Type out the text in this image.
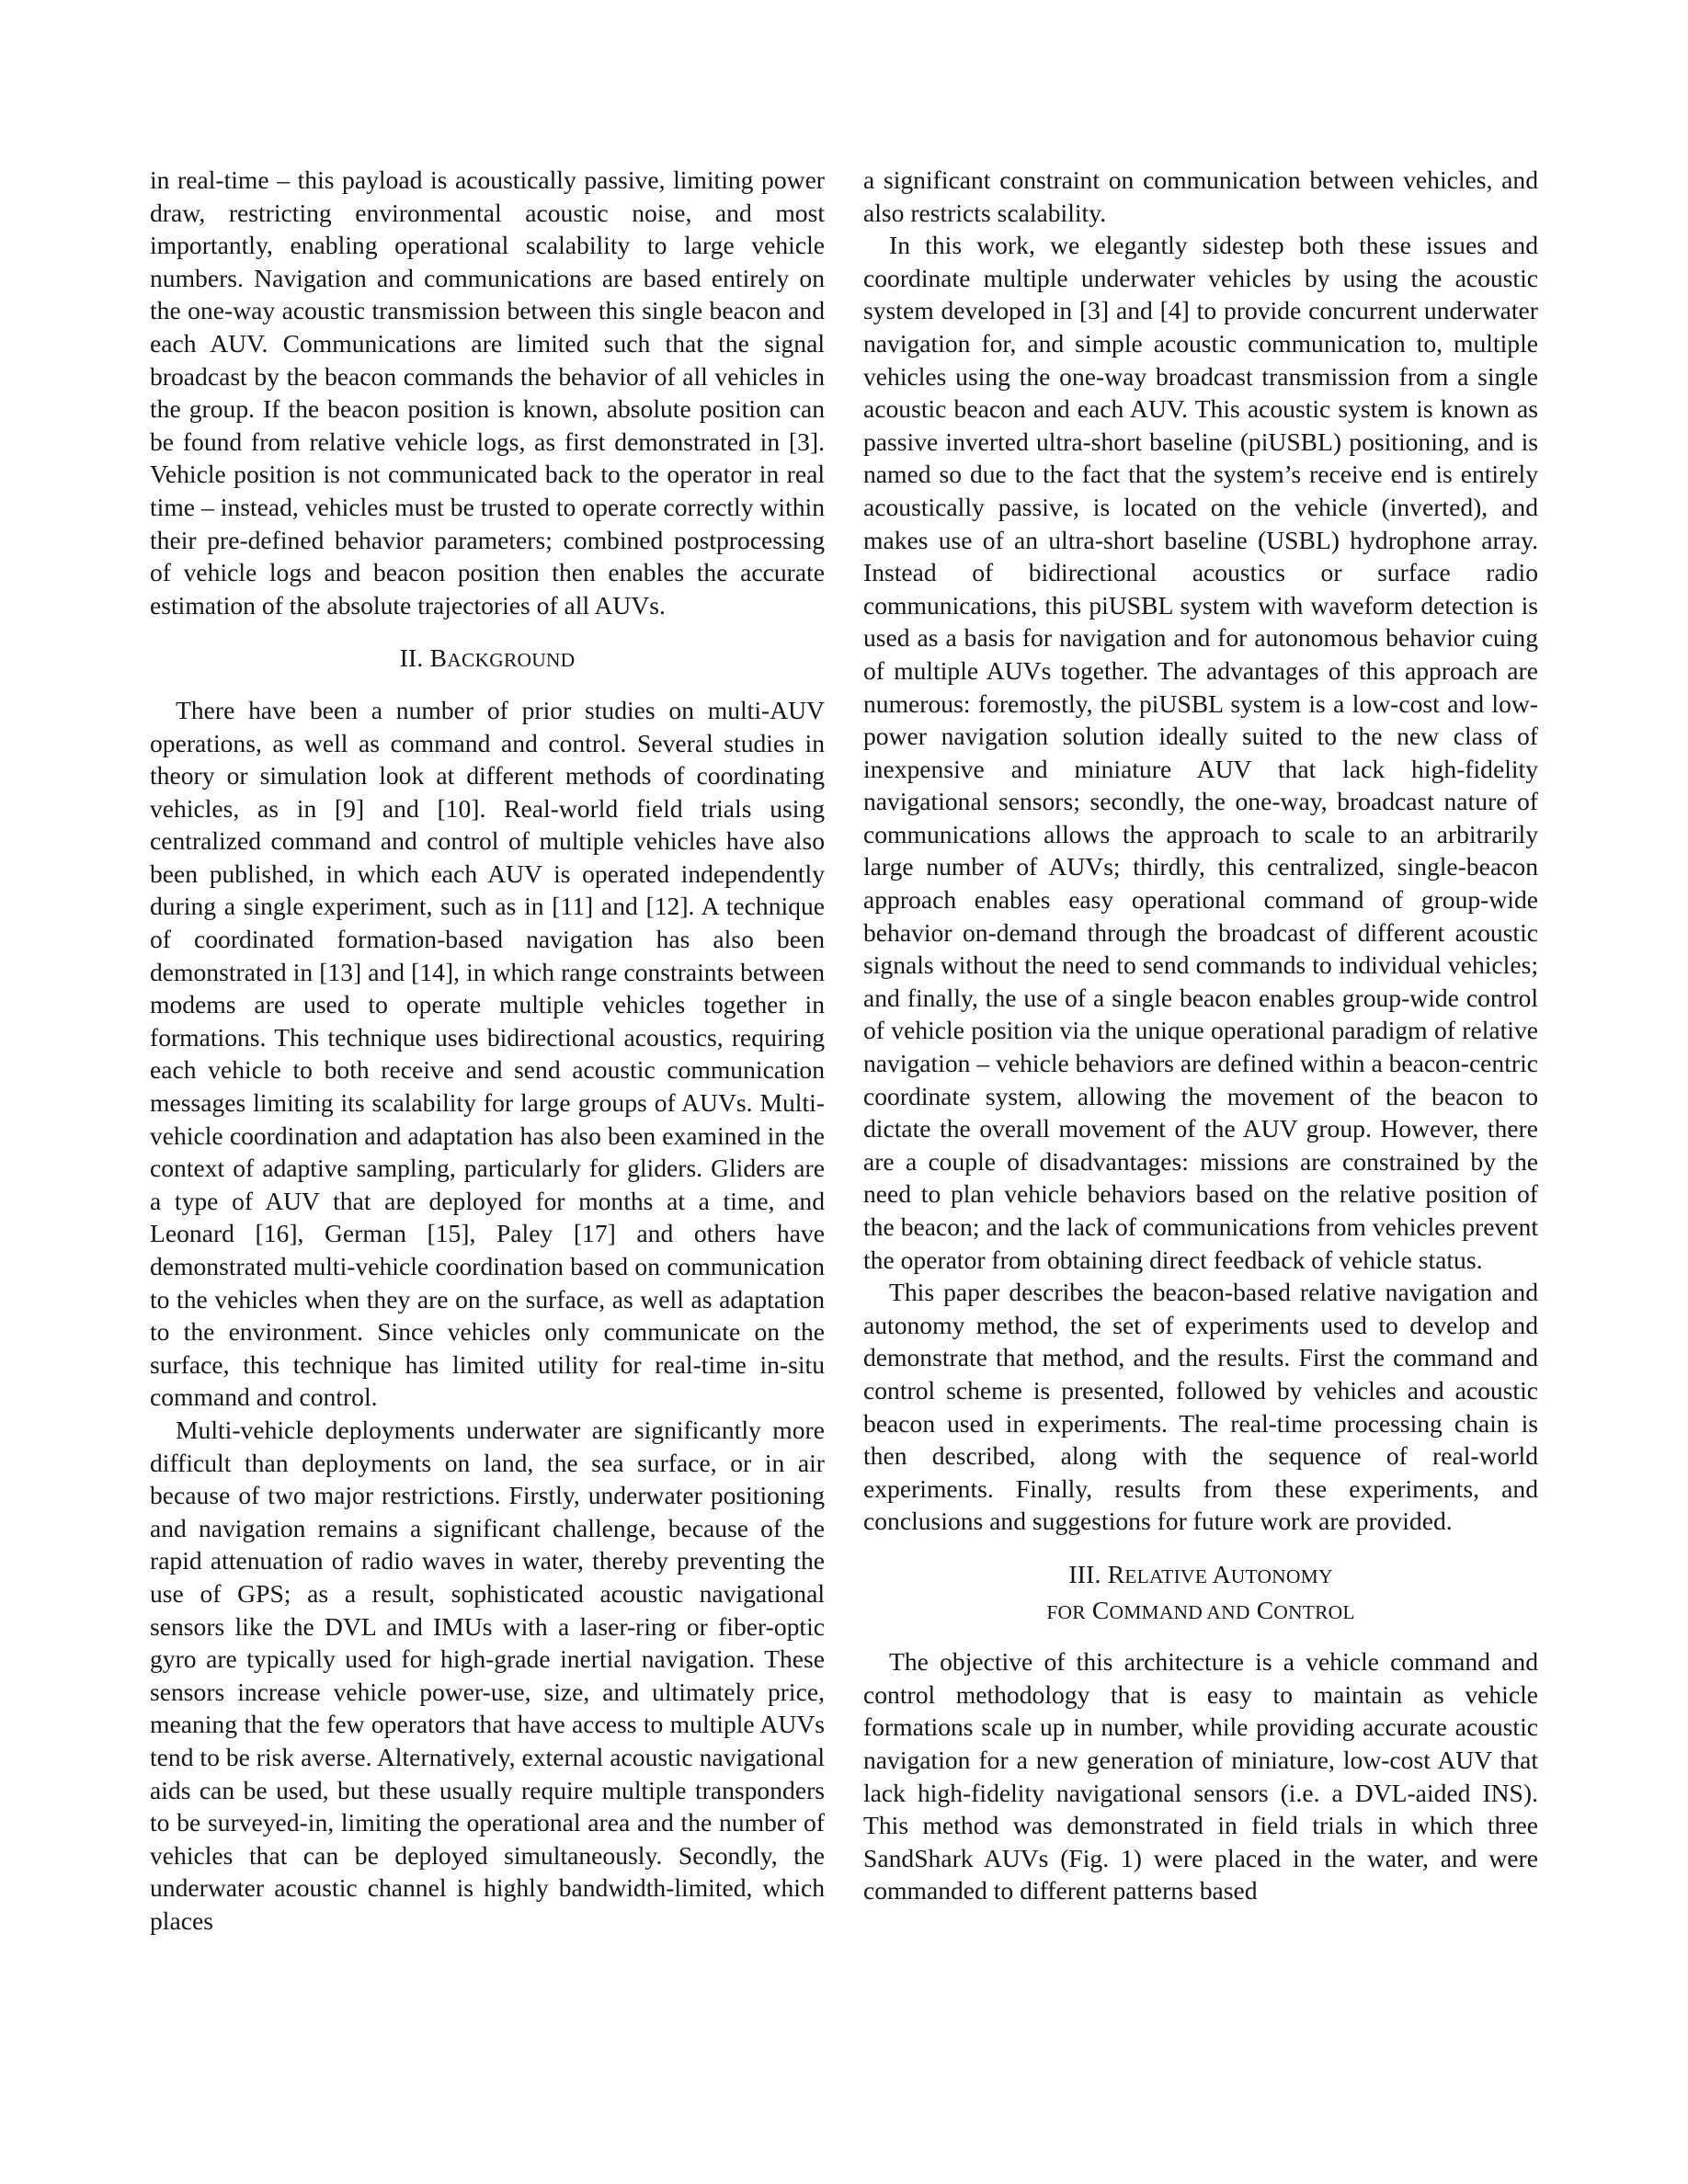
in real-time – this payload is acoustically passive, limiting power draw, restricting environmental acoustic noise, and most importantly, enabling operational scalability to large vehicle numbers. Navigation and communications are based entirely on the one-way acoustic transmission between this single beacon and each AUV. Communications are limited such that the signal broadcast by the beacon commands the behavior of all vehicles in the group. If the beacon position is known, absolute position can be found from relative vehicle logs, as first demonstrated in [3]. Vehicle position is not communicated back to the operator in real time – instead, vehicles must be trusted to operate correctly within their pre-defined behavior parameters; combined postprocessing of vehicle logs and beacon position then enables the accurate estimation of the absolute trajectories of all AUVs.

II. BACKGROUND

There have been a number of prior studies on multi-AUV operations, as well as command and control. Several studies in theory or simulation look at different methods of coordinating vehicles, as in [9] and [10]. Real-world field trials using centralized command and control of multiple vehicles have also been published, in which each AUV is operated independently during a single experiment, such as in [11] and [12]. A technique of coordinated formation-based navigation has also been demonstrated in [13] and [14], in which range constraints between modems are used to operate multiple vehicles together in formations. This technique uses bidirectional acoustics, requiring each vehicle to both receive and send acoustic communication messages limiting its scalability for large groups of AUVs. Multi-vehicle coordination and adaptation has also been examined in the context of adaptive sampling, particularly for gliders. Gliders are a type of AUV that are deployed for months at a time, and Leonard [16], German [15], Paley [17] and others have demonstrated multi-vehicle coordination based on communication to the vehicles when they are on the surface, as well as adaptation to the environment. Since vehicles only communicate on the surface, this technique has limited utility for real-time in-situ command and control.

Multi-vehicle deployments underwater are significantly more difficult than deployments on land, the sea surface, or in air because of two major restrictions. Firstly, underwater positioning and navigation remains a significant challenge, because of the rapid attenuation of radio waves in water, thereby preventing the use of GPS; as a result, sophisticated acoustic navigational sensors like the DVL and IMUs with a laser-ring or fiber-optic gyro are typically used for high-grade inertial navigation. These sensors increase vehicle power-use, size, and ultimately price, meaning that the few operators that have access to multiple AUVs tend to be risk averse. Alternatively, external acoustic navigational aids can be used, but these usually require multiple transponders to be surveyed-in, limiting the operational area and the number of vehicles that can be deployed simultaneously. Secondly, the underwater acoustic channel is highly bandwidth-limited, which places

a significant constraint on communication between vehicles, and also restricts scalability.

In this work, we elegantly sidestep both these issues and coordinate multiple underwater vehicles by using the acoustic system developed in [3] and [4] to provide concurrent underwater navigation for, and simple acoustic communication to, multiple vehicles using the one-way broadcast transmission from a single acoustic beacon and each AUV. This acoustic system is known as passive inverted ultra-short baseline (piUSBL) positioning, and is named so due to the fact that the system’s receive end is entirely acoustically passive, is located on the vehicle (inverted), and makes use of an ultra-short baseline (USBL) hydrophone array. Instead of bidirectional acoustics or surface radio communications, this piUSBL system with waveform detection is used as a basis for navigation and for autonomous behavior cuing of multiple AUVs together. The advantages of this approach are numerous: foremostly, the piUSBL system is a low-cost and low-power navigation solution ideally suited to the new class of inexpensive and miniature AUV that lack high-fidelity navigational sensors; secondly, the one-way, broadcast nature of communications allows the approach to scale to an arbitrarily large number of AUVs; thirdly, this centralized, single-beacon approach enables easy operational command of group-wide behavior on-demand through the broadcast of different acoustic signals without the need to send commands to individual vehicles; and finally, the use of a single beacon enables group-wide control of vehicle position via the unique operational paradigm of relative navigation – vehicle behaviors are defined within a beacon-centric coordinate system, allowing the movement of the beacon to dictate the overall movement of the AUV group. However, there are a couple of disadvantages: missions are constrained by the need to plan vehicle behaviors based on the relative position of the beacon; and the lack of communications from vehicles prevent the operator from obtaining direct feedback of vehicle status.

This paper describes the beacon-based relative navigation and autonomy method, the set of experiments used to develop and demonstrate that method, and the results. First the command and control scheme is presented, followed by vehicles and acoustic beacon used in experiments. The real-time processing chain is then described, along with the sequence of real-world experiments. Finally, results from these experiments, and conclusions and suggestions for future work are provided.

III. RELATIVE AUTONOMY
FOR COMMAND AND CONTROL

The objective of this architecture is a vehicle command and control methodology that is easy to maintain as vehicle formations scale up in number, while providing accurate acoustic navigation for a new generation of miniature, low-cost AUV that lack high-fidelity navigational sensors (i.e. a DVL-aided INS). This method was demonstrated in field trials in which three SandShark AUVs (Fig. 1) were placed in the water, and were commanded to different patterns based
